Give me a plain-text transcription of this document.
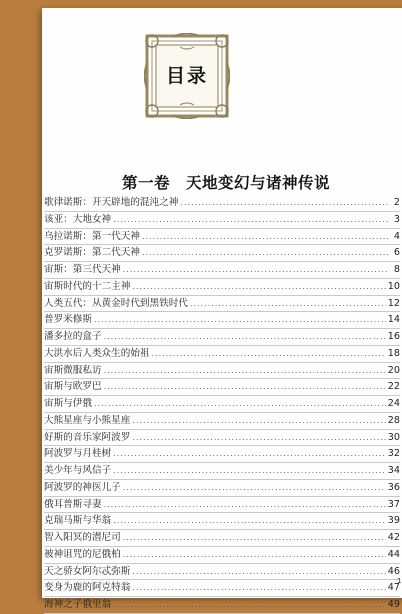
目录
第一卷　天地变幻与诸神传说
歌律诺斯：开天辟地的混沌之神 .....	2
该亚：大地女神 .....	3
乌拉诺斯：第一代天神 .....	4
克罗诺斯：第二代天神 .....	6
宙斯：第三代天神 .....	8
宙斯时代的十二主神 .....	10
人类五代：从黄金时代到黑铁时代 .....	12
普罗米修斯 .....	14
潘多拉的盒子 .....	16
大洪水后人类众生的始祖 .....	18
宙斯微服私访 .....	20
宙斯与欧罗巴 .....	22
宙斯与伊俄 .....	24
大熊星座与小熊星座 .....	28
好斯的音乐家阿波罗 .....	30
阿波罗与月桂树 .....	32
美少年与风信子 .....	34
阿波罗的神医儿子 .....	36
俄耳普斯寻妻 .....	37
克瑞马斯与华翁 .....	39
智入阳冥的潜尼司 .....	42
被神诅咒的尼俄柏 .....	44
天之骄女阿尔忒弥斯 .....	46
变身为鹿的阿克特翁 .....	47
海神之子俄里翁 .....	49
1
